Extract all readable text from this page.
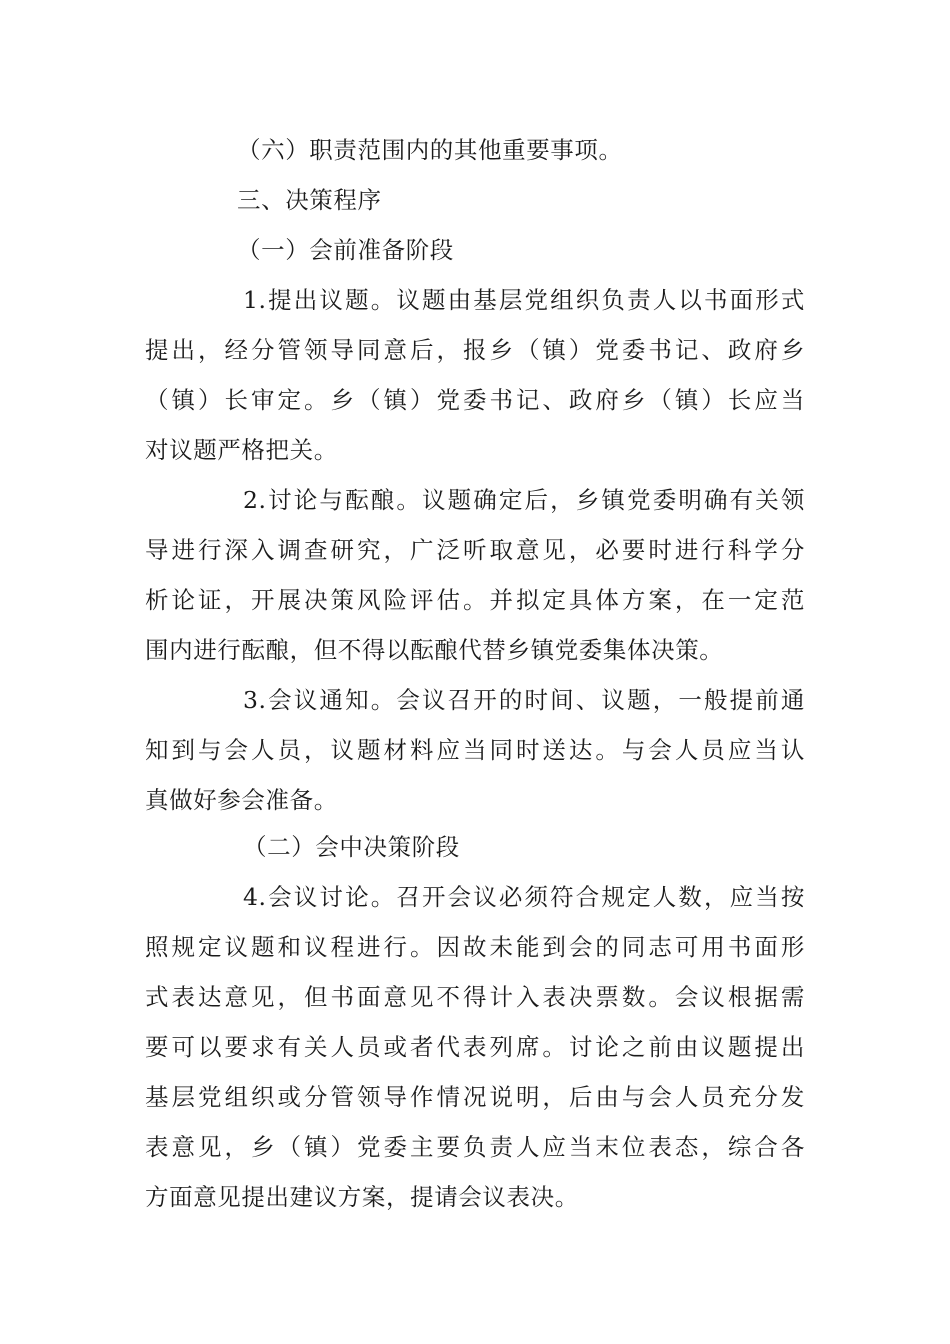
（六）职责范围内的其他重要事项。
三、决策程序
（一）会前准备阶段
1.提出议题。议题由基层党组织负责人以书面形式
提出，经分管领导同意后，报乡（镇）党委书记、政府乡
（镇）长审定。乡（镇）党委书记、政府乡（镇）长应当
对议题严格把关。
2.讨论与酝酿。议题确定后，乡镇党委明确有关领
导进行深入调查研究，广泛听取意见，必要时进行科学分
析论证，开展决策风险评估。并拟定具体方案，在一定范
围内进行酝酿，但不得以酝酿代替乡镇党委集体决策。
3.会议通知。会议召开的时间、议题，一般提前通
知到与会人员，议题材料应当同时送达。与会人员应当认
真做好参会准备。
（二）会中决策阶段
4.会议讨论。召开会议必须符合规定人数，应当按
照规定议题和议程进行。因故未能到会的同志可用书面形
式表达意见，但书面意见不得计入表决票数。会议根据需
要可以要求有关人员或者代表列席。讨论之前由议题提出
基层党组织或分管领导作情况说明，后由与会人员充分发
表意见，乡（镇）党委主要负责人应当末位表态，综合各
方面意见提出建议方案，提请会议表决。
